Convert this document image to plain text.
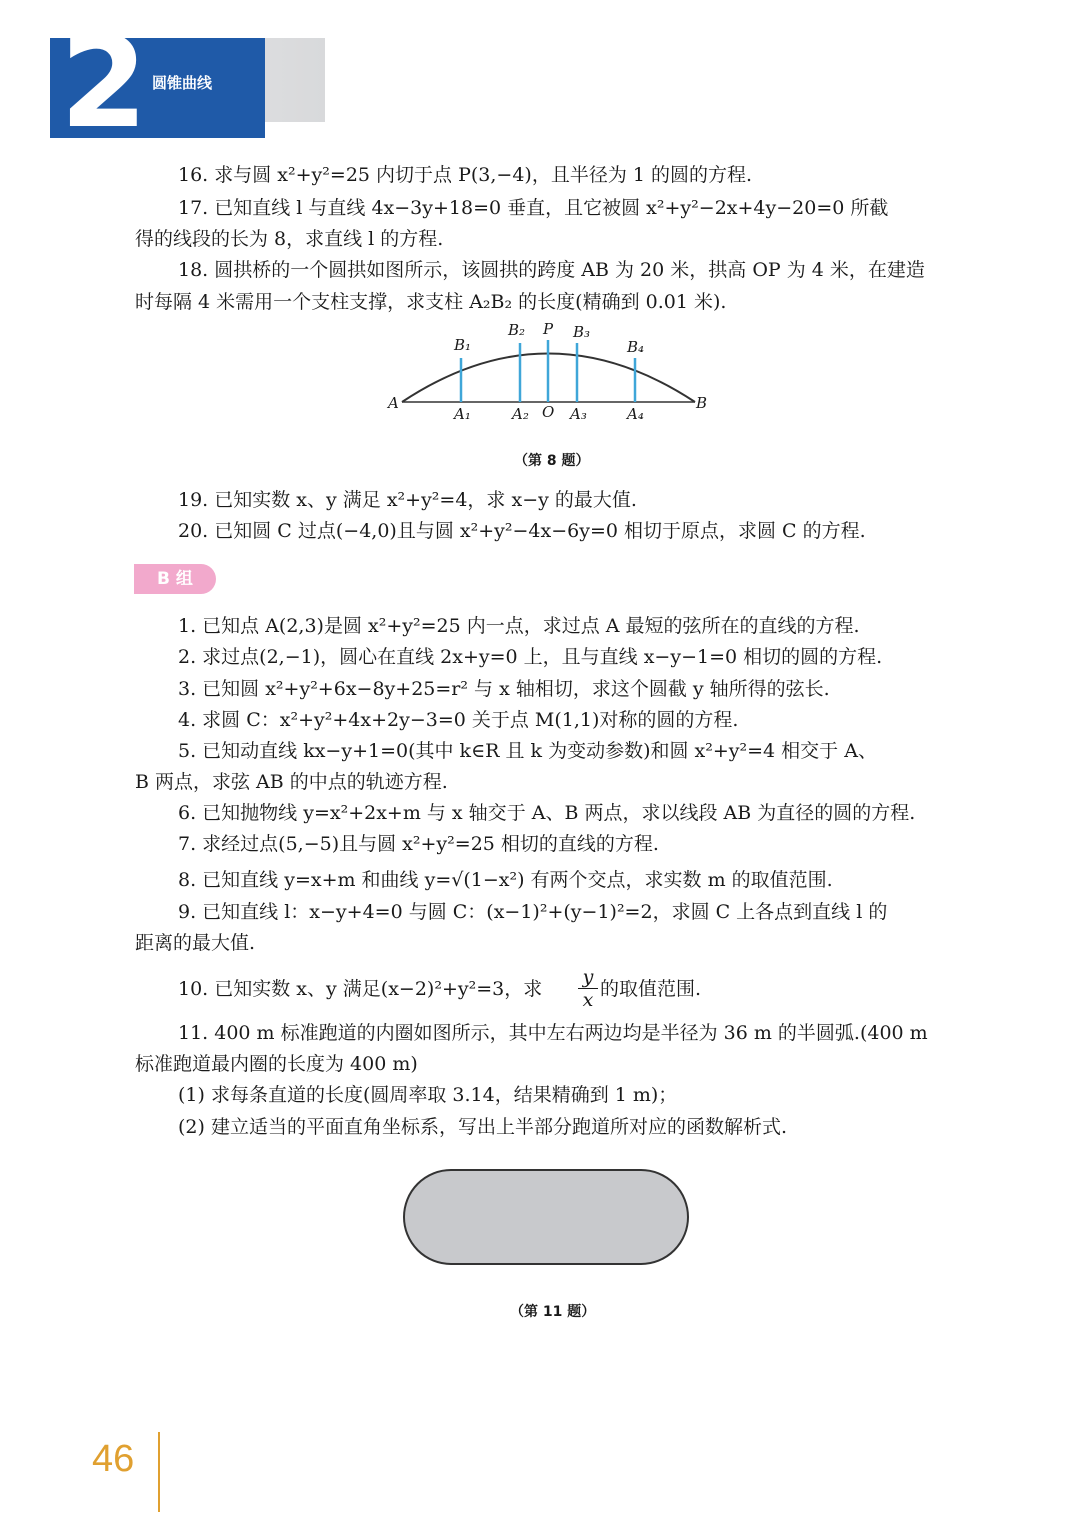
2 圆锥曲线
16. 求与圆 x²+y²=25 内切于点 P(3,−4)，且半径为 1 的圆的方程.
17. 已知直线 l 与直线 4x−3y+18=0 垂直，且它被圆 x²+y²−2x+4y−20=0 所截
得的线段的长为 8，求直线 l 的方程.
18. 圆拱桥的一个圆拱如图所示，该圆拱的跨度 AB 为 20 米，拱高 OP 为 4 米，在建造
时每隔 4 米需用一个支柱支撑，求支柱 A₂B₂ 的长度(精确到 0.01 米).
A	B
A₁	A₂ O A₃	A₄
B₁
B₂ P B₃
B₄
（第 8 题）
19. 已知实数 x、y 满足 x²+y²=4，求 x−y 的最大值.
20. 已知圆 C 过点(−4,0)且与圆 x²+y²−4x−6y=0 相切于原点，求圆 C 的方程.
B 组
1. 已知点 A(2,3)是圆 x²+y²=25 内一点，求过点 A 最短的弦所在的直线的方程.
2. 求过点(2,−1)，圆心在直线 2x+y=0 上，且与直线 x−y−1=0 相切的圆的方程.
3. 已知圆 x²+y²+6x−8y+25=r² 与 x 轴相切，求这个圆截 y 轴所得的弦长.
4. 求圆 C：x²+y²+4x+2y−3=0 关于点 M(1,1)对称的圆的方程.
5. 已知动直线 kx−y+1=0(其中 k∈R 且 k 为变动参数)和圆 x²+y²=4 相交于 A、
B 两点，求弦 AB 的中点的轨迹方程.
6. 已知抛物线 y=x²+2x+m 与 x 轴交于 A、B 两点，求以线段 AB 为直径的圆的方程.
7. 求经过点(5,−5)且与圆 x²+y²=25 相切的直线的方程.
8. 已知直线 y=x+m 和曲线 y=√(1−x²) 有两个交点，求实数 m 的取值范围.
9. 已知直线 l：x−y+4=0 与圆 C：(x−1)²+(y−1)²=2，求圆 C 上各点到直线 l 的
距离的最大值.
10. 已知实数 x、y 满足(x−2)²+y²=3，求
y
x 的取值范围.
11. 400 m 标准跑道的内圈如图所示，其中左右两边均是半径为 36 m 的半圆弧.(400 m
标准跑道最内圈的长度为 400 m)
(1) 求每条直道的长度(圆周率取 3.14，结果精确到 1 m)；
(2) 建立适当的平面直角坐标系，写出上半部分跑道所对应的函数解析式.
（第 11 题）
46
